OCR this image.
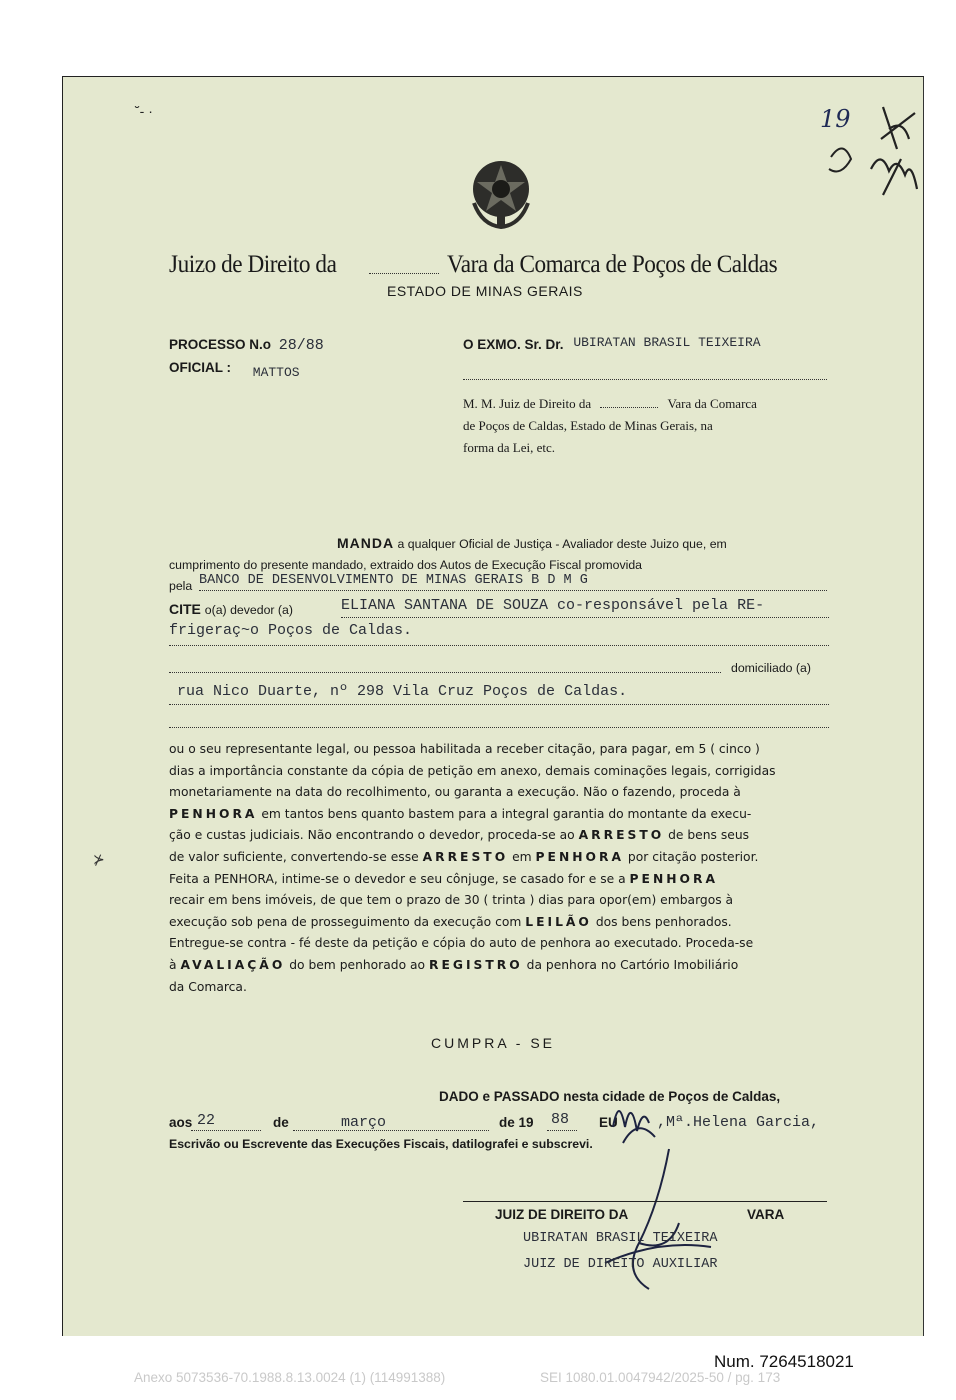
19
Juizo de Direito da	Vara da Comarca de Poços de Caldas
ESTADO DE MINAS GERAIS
PROCESSO N.o 28/88
OFICIAL : MATTOS
O EXMO. Sr. Dr. UBIRATAN BRASIL TEIXEIRA
M. M. Juiz de Direito da	Vara da Comarca
de Poços de Caldas, Estado de Minas Gerais, na
forma da Lei, etc.
MANDA a qualquer Oficial de Justiça - Avaliador deste Juizo que, em
cumprimento do presente mandado, extraido dos Autos de Execução Fiscal promovida
pela BANCO DE DESENVOLVIMENTO DE MINAS GERAIS B D M G
CITE o(a) devedor (a)	ELIANA SANTANA DE SOUZA co-responsável pela RE-
frigeraç~o Poços de Caldas.
domiciliado (a)
rua Nico Duarte, nº 298 Vila Cruz Poços de Caldas.
ou o seu representante legal, ou pessoa habilitada a receber citação, para pagar, em 5 ( cinco )
dias a importância constante da cópia de petição em anexo, demais cominações legais, corrigidas
monetariamente na data do recolhimento, ou garanta a execução. Não o fazendo, proceda à
PENHORA em tantos bens quanto bastem para a integral garantia do montante da execu-
ção e custas judiciais. Não encontrando o devedor, proceda-se ao ARRESTO de bens seus
de valor suficiente, convertendo-se esse ARRESTO em PENHORA por citação posterior.
Feita a PENHORA, intime-se o devedor e seu cônjuge, se casado for e se a PENHORA
recair em bens imóveis, de que tem o prazo de 30 ( trinta ) dias para opor(em) embargos à
execução sob pena de prosseguimento da execução com LEILÃO dos bens penhorados.
Entregue-se contra - fé deste da petição e cópia do auto de penhora ao executado. Proceda-se
à AVALIAÇÃO do bem penhorado ao REGISTRO da penhora no Cartório Imobiliário
da Comarca.
CUMPRA - SE
DADO e PASSADO nesta cidade de Poços de Caldas,
aos 22	de	março	de 19 88 EU	,Mª.Helena Garcia,
Escrivão ou Escrevente das Execuções Fiscais, datilografei e subscrevi.
JUIZ DE DIREITO DA	VARA
UBIRATAN BRASIL TEIXEIRA
JUIZ DE DIREITO AUXILIAR
⊁
˘‑ ·
Num. 7264518021
Anexo 5073536-70.1988.8.13.0024 (1) (114991388)	SEI 1080.01.0047942/2025-50 / pg. 173
